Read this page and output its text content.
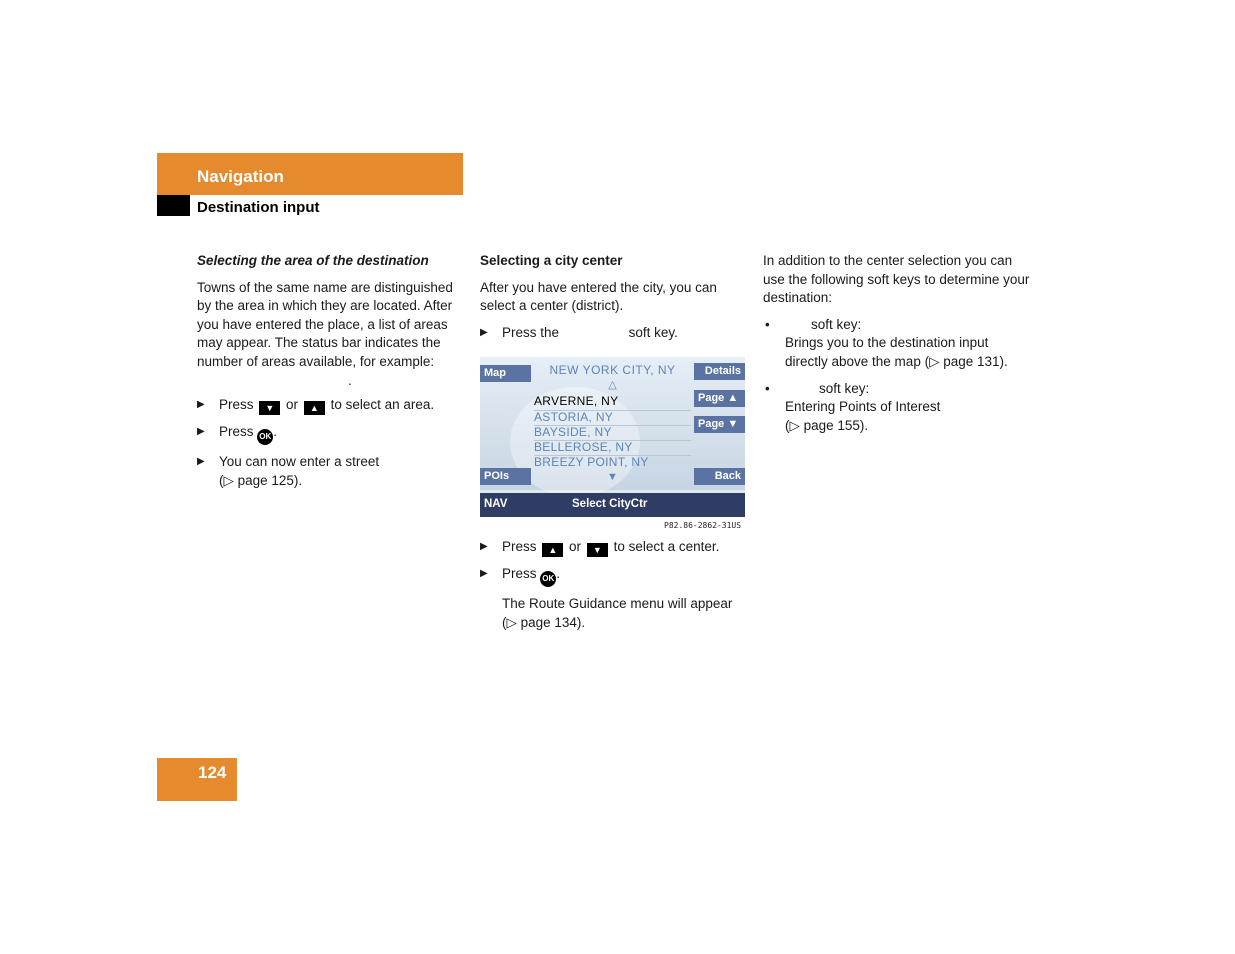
Navigation
Destination input

Selecting the area of the destination

Towns of the same name are distinguished by the area in which they are located. After you have entered the place, a list of areas may appear. The status bar indicates the number of areas available, for example:

.

▶ Press ▼ or ▲ to select an area.

▶ Press OK .

▶ You can now enter a street
(▷ page 125).

Selecting a city center

After you have entered the city, you can select a center (district).

▶ Press the	soft key.

NEW YORK CITY, NY
△
Map	Details
Page ▲
Page ▼
ARVERNE, NY
ASTORIA, NY
BAYSIDE, NY
BELLEROSE, NY
BREEZY POINT, NY
▼
POIs	Back
NAV	Select CityCtr
P82.86-2862-31US

▶ Press ▲ or ▼ to select a center.

▶ Press OK .

The Route Guidance menu will appear
(▷ page 134).

In addition to the center selection you can use the following soft keys to determine your destination:

•	soft key:
Brings you to the destination input
directly above the map (▷ page 131).

•	soft key:
Entering Points of Interest
(▷ page 155).

124
